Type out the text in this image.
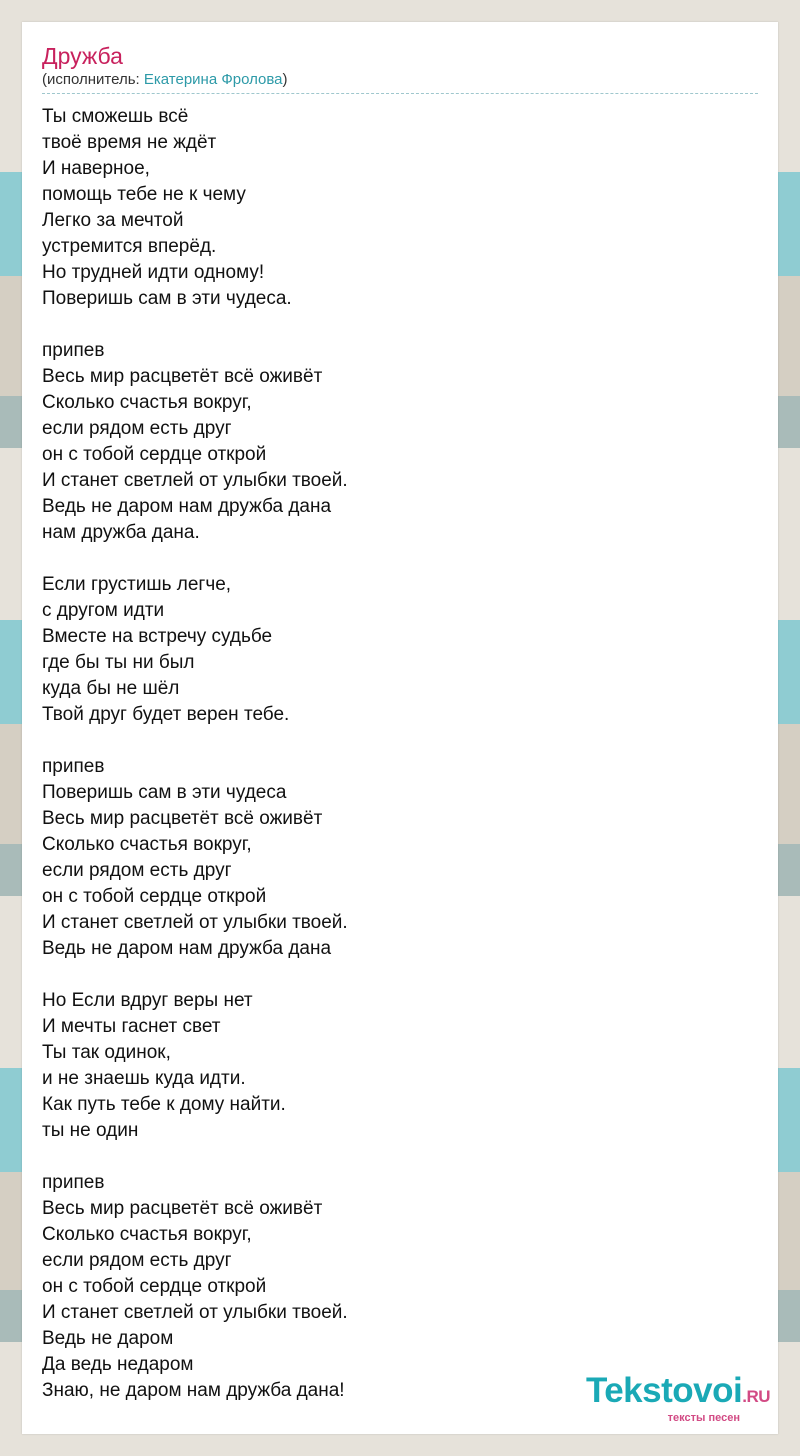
Дружба
(исполнитель: Екатерина Фролова)
Ты сможешь всё
твоё время не ждёт
И наверное,
помощь тебе не к чему
Легко за мечтой
устремится вперёд.
Но трудней идти одному!
Поверишь сам в эти чудеса.
припев
Весь мир расцветёт всё оживёт
Сколько счастья вокруг,
если рядом есть друг
он с тобой сердце открой
И станет светлей от улыбки твоей.
Ведь не даром нам дружба дана
нам дружба дана.
Если грустишь легче,
с другом идти
Вместе на встречу судьбе
где бы ты ни был
куда бы не шёл
Твой друг будет верен тебе.
припев
Поверишь сам в эти чудеса
Весь мир расцветёт всё оживёт
Сколько счастья вокруг,
если рядом есть друг
он с тобой сердце открой
И станет светлей от улыбки твоей.
Ведь не даром нам дружба дана
Но Если вдруг веры нет
И мечты гаснет свет
Ты так одинок,
и не знаешь куда идти.
Как путь тебе к дому найти.
ты не один
припев
Весь мир расцветёт всё оживёт
Сколько счастья вокруг,
если рядом есть друг
он с тобой сердце открой
И станет светлей от улыбки твоей.
Ведь не даром
Да ведь недаром
Знаю, не даром нам дружба дана!	Tekstovoi.RU
тексты песен
